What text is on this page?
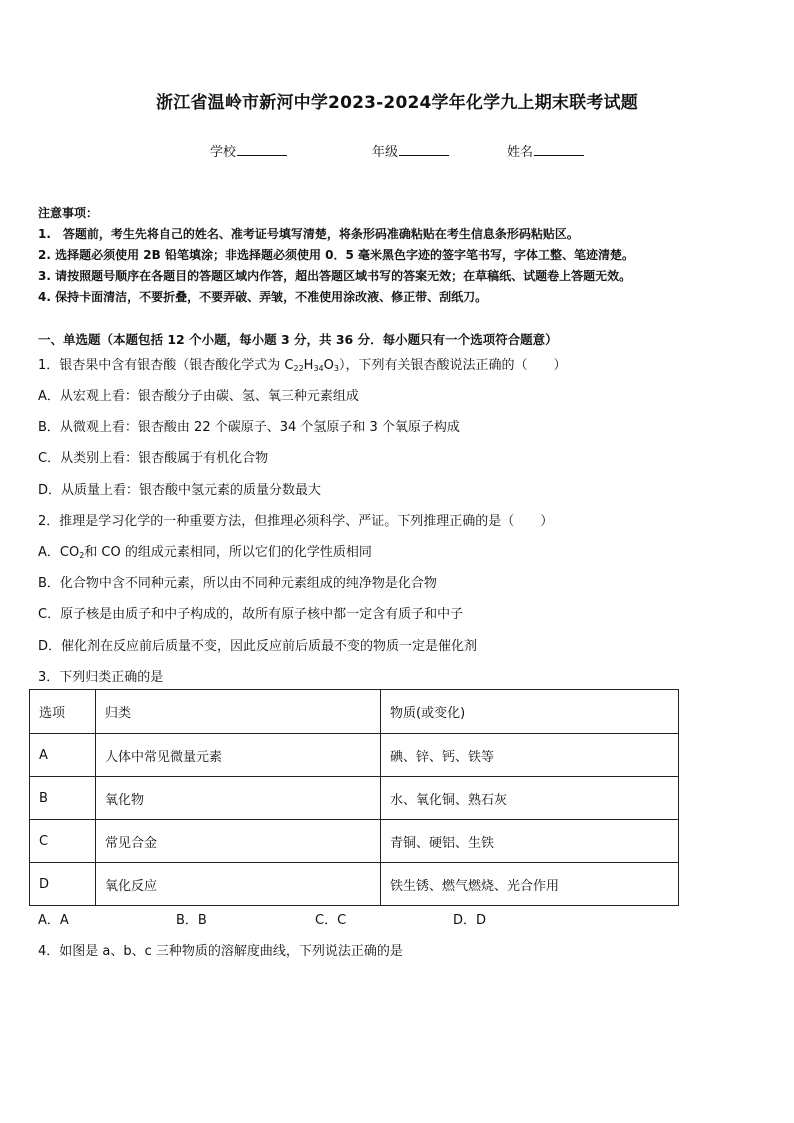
浙江省温岭市新河中学2023-2024学年化学九上期末联考试题
学校	年级	姓名
注意事项：
1.　答题前，考生先将自己的姓名、准考证号填写清楚，将条形码准确粘贴在考生信息条形码粘贴区。
2. 选择题必须使用 2B 铅笔填涂；非选择题必须使用 0．5 毫米黑色字迹的签字笔书写，字体工整、笔迹清楚。
3. 请按照题号顺序在各题目的答题区域内作答，超出答题区域书写的答案无效；在草稿纸、试题卷上答题无效。
4. 保持卡面清洁，不要折叠，不要弄破、弄皱，不准使用涂改液、修正带、刮纸刀。
一、单选题（本题包括 12 个小题，每小题 3 分，共 36 分．每小题只有一个选项符合题意）
1．银杏果中含有银杏酸（银杏酸化学式为 $C_{22}H_{34}O_3$），下列有关银杏酸说法正确的（　　）
A．从宏观上看：银杏酸分子由碳、氢、氧三种元素组成
B．从微观上看：银杏酸由 22 个碳原子、34 个氢原子和 3 个氧原子构成
C．从类别上看：银杏酸属于有机化合物
D．从质量上看：银杏酸中氢元素的质量分数最大
2．推理是学习化学的一种重要方法，但推理必须科学、严证。下列推理正确的是（　　）
A．$CO_2$和 CO 的组成元素相同，所以它们的化学性质相同
B．化合物中含不同种元素，所以由不同种元素组成的纯净物是化合物
C．原子核是由质子和中子构成的，故所有原子核中都一定含有质子和中子
D．催化剂在反应前后质量不变，因此反应前后质最不变的物质一定是催化剂
3．下列归类正确的是
选项	归类	物质(或变化)
A	人体中常见微量元素	碘、锌、钙、铁等
B	氧化物	水、氧化铜、熟石灰
C	常见合金	青铜、硬铝、生铁
D	氧化反应	铁生锈、燃气燃烧、光合作用
A．A	B．B	C．C	D．D
4．如图是 a、b、c 三种物质的溶解度曲线，下列说法正确的是
